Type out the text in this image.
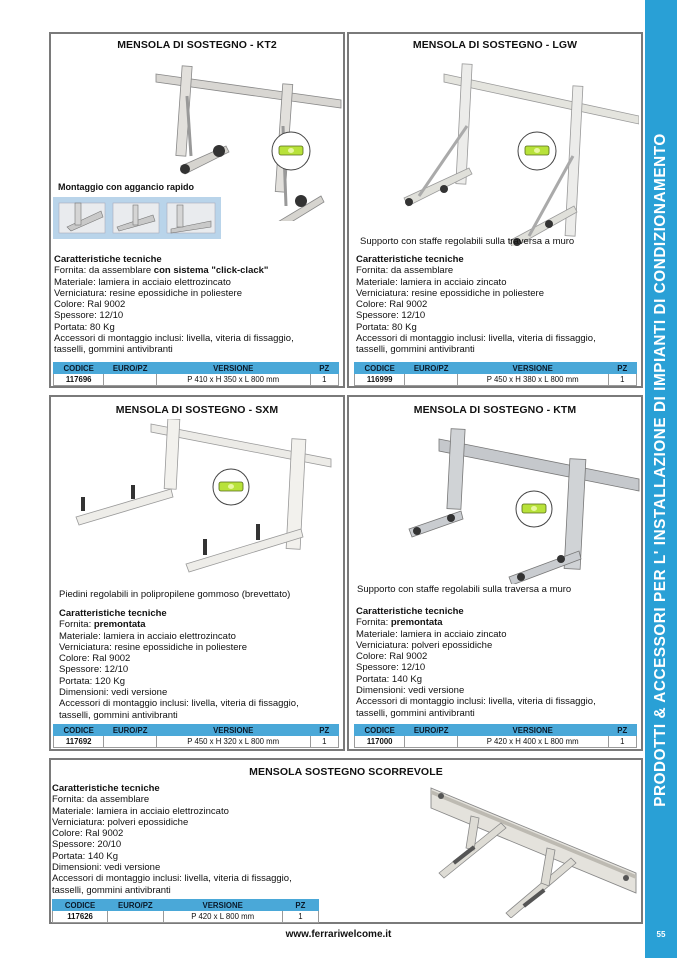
MENSOLA DI SOSTEGNO - KT2
Montaggio con aggancio rapido
Caratteristiche tecniche
Fornita: da assemblare con sistema "click-clack"
Materiale: lamiera in acciaio elettrozincato
Verniciatura: resine epossidiche in poliestere
Colore: Ral 9002
Spessore: 12/10
Portata: 80 Kg
Accessori di montaggio inclusi: livella, viteria di fissaggio,
tasselli, gommini antivibranti
CODICE	EURO/PZ	VERSIONE	PZ
117696		P 410 x H 350 x L 800 mm	1
MENSOLA DI SOSTEGNO - LGW
Supporto con staffe regolabili sulla traversa a muro
Caratteristiche tecniche
Fornita: da assemblare
Materiale: lamiera in acciaio zincato
Verniciatura: resine epossidiche in poliestere
Colore: Ral 9002
Spessore: 12/10
Portata: 80 Kg
Accessori di montaggio inclusi: livella, viteria di fissaggio,
tasselli, gommini antivibranti
CODICE	EURO/PZ	VERSIONE	PZ
116999		P 450 x H 380 x L 800 mm	1
MENSOLA DI SOSTEGNO - SXM
Piedini regolabili in polipropilene gommoso (brevettato)
Caratteristiche tecniche
Fornita: premontata
Materiale: lamiera in acciaio elettrozincato
Verniciatura: resine epossidiche in poliestere
Colore: Ral 9002
Spessore: 12/10
Portata: 120 Kg
Dimensioni: vedi versione
Accessori di montaggio inclusi: livella, viteria di fissaggio,
tasselli, gommini antivibranti
CODICE	EURO/PZ	VERSIONE	PZ
117692		P 450 x H 320 x L 800 mm	1
MENSOLA DI SOSTEGNO - KTM
Supporto con staffe regolabili sulla traversa a muro
Caratteristiche tecniche
Fornita: premontata
Materiale: lamiera in acciaio zincato
Verniciatura: polveri epossidiche
Colore: Ral 9002
Spessore: 12/10
Portata: 140 Kg
Dimensioni: vedi versione
Accessori di montaggio inclusi: livella, viteria di fissaggio,
tasselli, gommini antivibranti
CODICE	EURO/PZ	VERSIONE	PZ
117000		P 420 x H 400 x L 800 mm	1
MENSOLA SOSTEGNO SCORREVOLE
Caratteristiche tecniche
Fornita: da assemblare
Materiale: lamiera in acciaio elettrozincato
Verniciatura: polveri epossidiche
Colore: Ral 9002
Spessore: 20/10
Portata: 140 Kg
Dimensioni: vedi versione
Accessori di montaggio inclusi: livella, viteria di fissaggio,
tasselli, gommini antivibranti
CODICE	EURO/PZ	VERSIONE	PZ
117626		P 420 x L 800 mm	1
PRODOTTI & ACCESSORI PER L' INSTALLAZIONE DI IMPIANTI DI CONDIZIONAMENTO
55
www.ferrariwelcome.it
